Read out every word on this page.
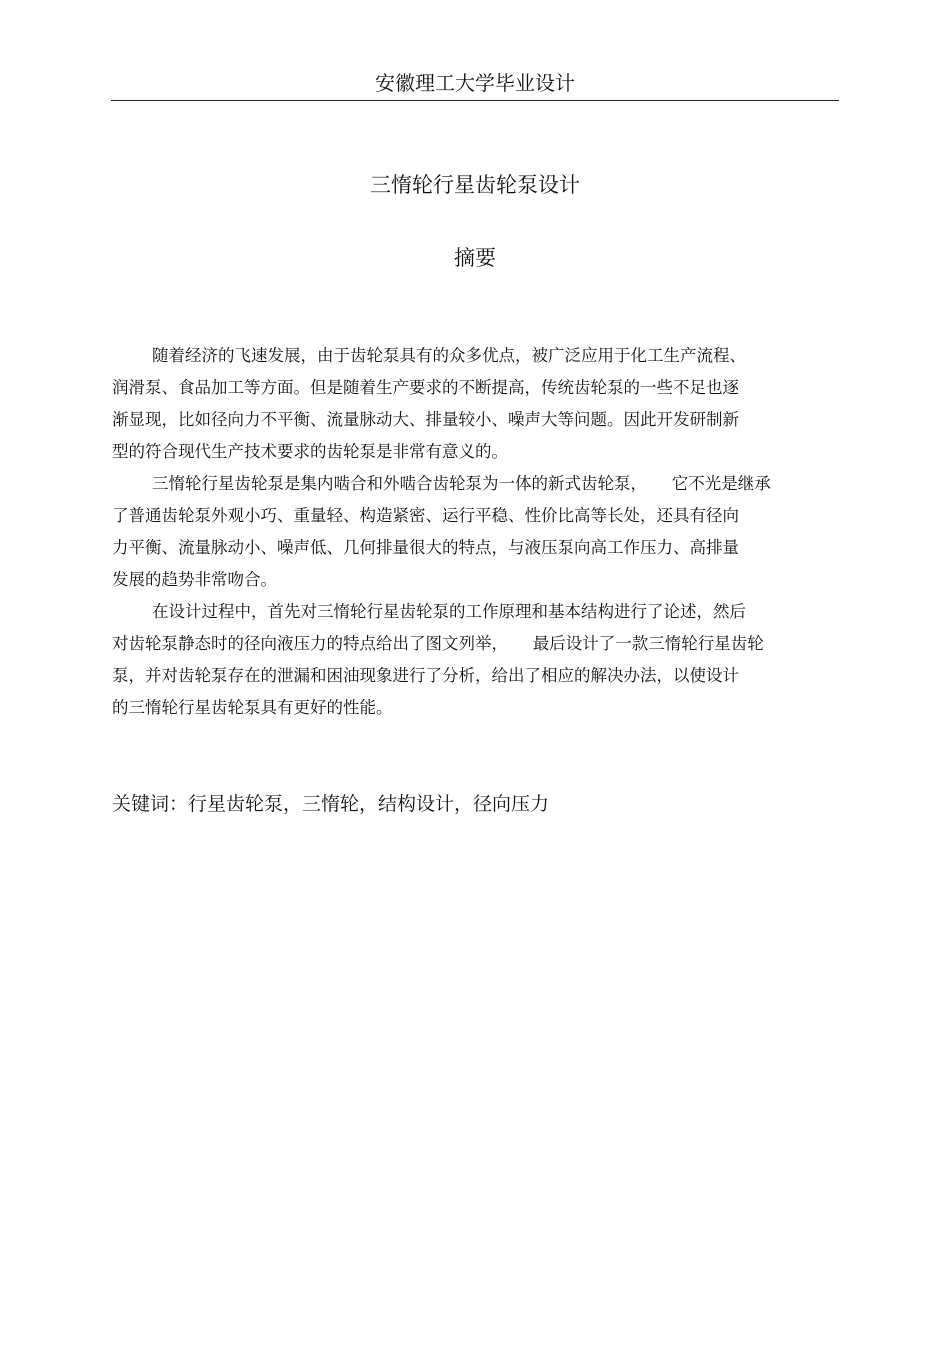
安徽理工大学毕业设计
三惰轮行星齿轮泵设计
摘要
随着经济的飞速发展，由于齿轮泵具有的众多优点，被广泛应用于化工生产流程、
润滑泵、食品加工等方面。但是随着生产要求的不断提高，传统齿轮泵的一些不足也逐
渐显现，比如径向力不平衡、流量脉动大、排量较小、噪声大等问题。因此开发研制新
型的符合现代生产技术要求的齿轮泵是非常有意义的。
三惰轮行星齿轮泵是集内啮合和外啮合齿轮泵为一体的新式齿轮泵，　　它不光是继承
了普通齿轮泵外观小巧、重量轻、构造紧密、运行平稳、性价比高等长处，还具有径向
力平衡、流量脉动小、噪声低、几何排量很大的特点，与液压泵向高工作压力、高排量
发展的趋势非常吻合。
在设计过程中，首先对三惰轮行星齿轮泵的工作原理和基本结构进行了论述，然后
对齿轮泵静态时的径向液压力的特点给出了图文列举，　　最后设计了一款三惰轮行星齿轮
泵，并对齿轮泵存在的泄漏和困油现象进行了分析，给出了相应的解决办法，以使设计
的三惰轮行星齿轮泵具有更好的性能。
关键词：行星齿轮泵，三惰轮，结构设计，径向压力
